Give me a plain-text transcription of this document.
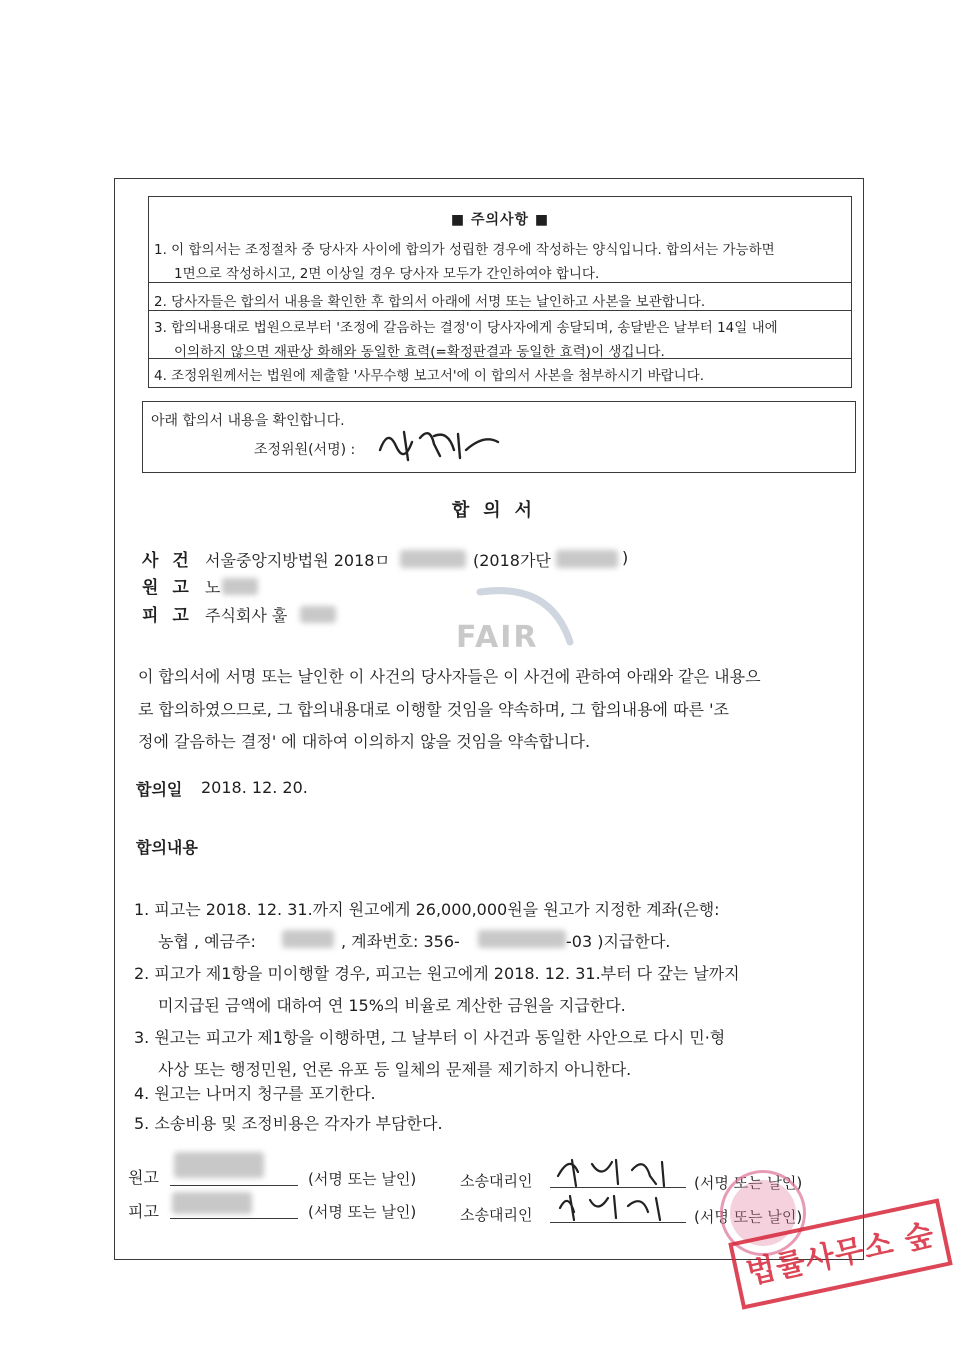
■ 주의사항 ■
1. 이 합의서는 조정절차 중 당사자 사이에 합의가 성립한 경우에 작성하는 양식입니다. 합의서는 가능하면
1면으로 작성하시고, 2면 이상일 경우 당사자 모두가 간인하여야 합니다.
2. 당사자들은 합의서 내용을 확인한 후 합의서 아래에 서명 또는 날인하고 사본을 보관합니다.
3. 합의내용대로 법원으로부터 '조정에 갈음하는 결정'이 당사자에게 송달되며, 송달받은 날부터 14일 내에
이의하지 않으면 재판상 화해와 동일한 효력(=확정판결과 동일한 효력)이 생깁니다.
4. 조정위원께서는 법원에 제출할 '사무수행 보고서'에 이 합의서 사본을 첨부하시기 바랍니다.
아래 합의서 내용을 확인합니다.
조정위원(서명) :
합의서
사건 서울중앙지방법원 2018ㅁ	(2018가단	)
원고 노
피고 주식회사 훌
FAIR
이 합의서에 서명 또는 날인한 이 사건의 당사자들은 이 사건에 관하여 아래와 같은 내용으
로 합의하였으므로, 그 합의내용대로 이행할 것임을 약속하며, 그 합의내용에 따른 '조
정에 갈음하는 결정' 에 대하여 이의하지 않을 것임을 약속합니다.
합의일 2018. 12. 20.
합의내용
1. 피고는 2018. 12. 31.까지 원고에게 26,000,000원을 원고가 지정한 계좌(은행:
농협 , 예금주:	, 계좌번호: 356-	-03 )지급한다.
2. 피고가 제1항을 미이행할 경우, 피고는 원고에게 2018. 12. 31.부터 다 갚는 날까지
미지급된 금액에 대하여 연 15%의 비율로 계산한 금원을 지급한다.
3. 원고는 피고가 제1항을 이행하면, 그 날부터 이 사건과 동일한 사안으로 다시 민·형
사상 또는 행정민원, 언론 유포 등 일체의 문제를 제기하지 아니한다.
4. 원고는 나머지 청구를 포기한다.
5. 소송비용 및 조정비용은 각자가 부담한다.
원고	(서명 또는 날인)	소송대리인	(서명 또는 날인)
피고	(서명 또는 날인)	소송대리인	(서명 또는 날인)
법률사무소 숲
